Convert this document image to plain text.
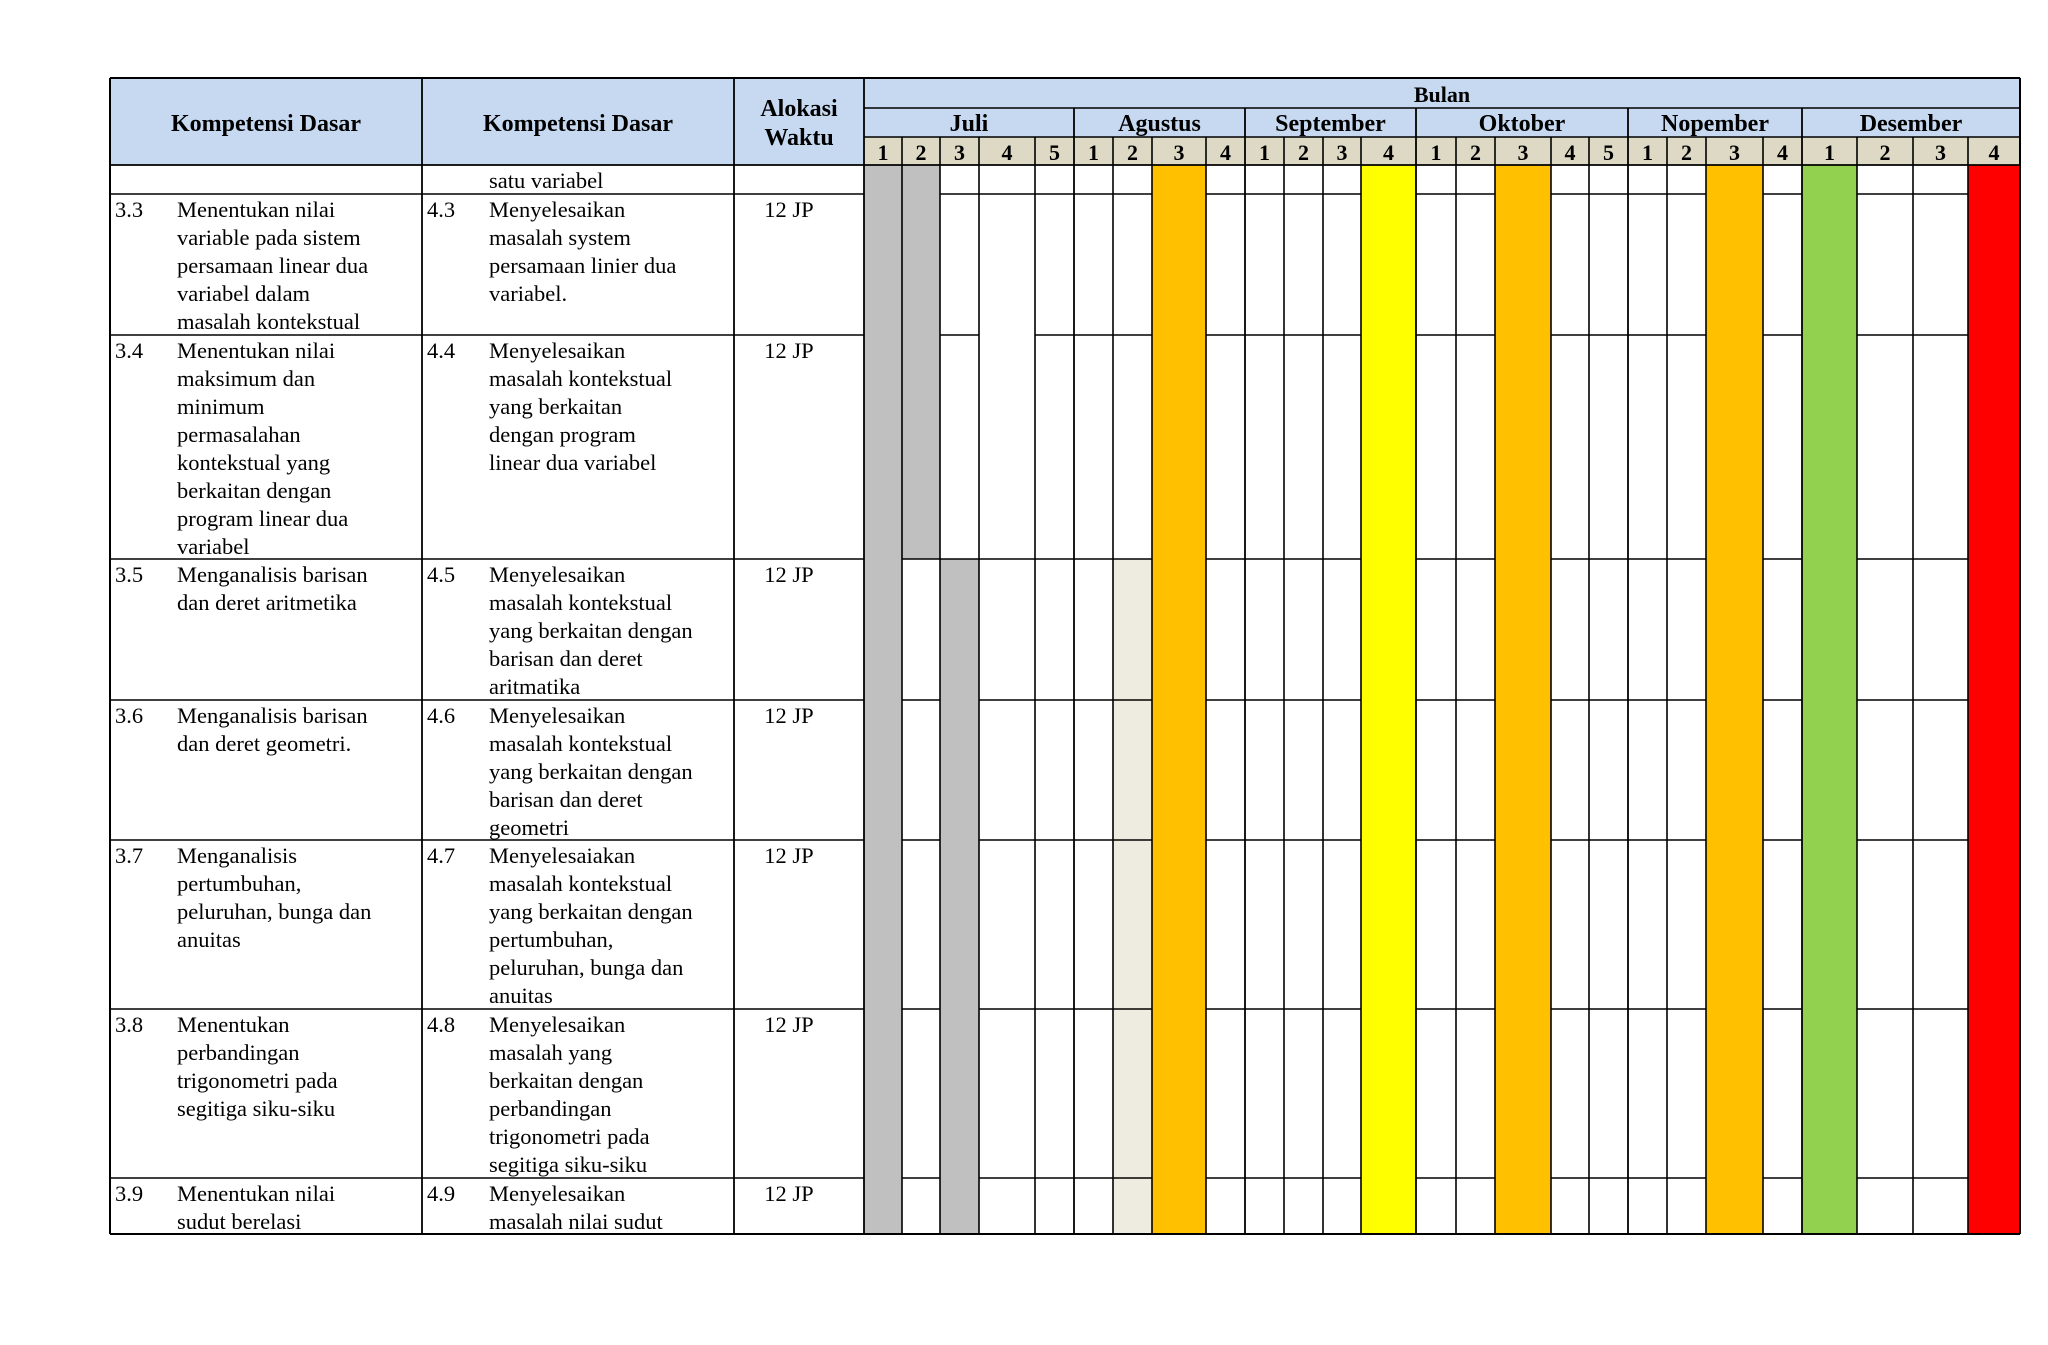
Kompetensi Dasar	Kompetensi Dasar
Alokasi
Waktu
Bulan
Juli
1 2 3 4 5
Agustus
1 2 3 4
September
1 2 3 4
Oktober
1 2 3 4 5
Nopember
1 2 3 4
Desember
1 2 3 4
satu variabel
3.3 Menentukan nilai
variable pada sistem
persamaan linear dua
variabel dalam
masalah kontekstual
4.3 Menyelesaikan
masalah system
persamaan linier dua
variabel.
12 JP
3.4 Menentukan nilai
maksimum dan
minimum
permasalahan
kontekstual yang
berkaitan dengan
program linear dua
variabel
4.4 Menyelesaikan
masalah kontekstual
yang berkaitan
dengan program
linear dua variabel
12 JP
3.5 Menganalisis barisan
dan deret aritmetika
4.5 Menyelesaikan
masalah kontekstual
yang berkaitan dengan
barisan dan deret
aritmatika
12 JP
3.6 Menganalisis barisan
dan deret geometri.
4.6 Menyelesaikan
masalah kontekstual
yang berkaitan dengan
barisan dan deret
geometri
12 JP
3.7 Menganalisis
pertumbuhan,
peluruhan, bunga dan
anuitas
4.7 Menyelesaiakan
masalah kontekstual
yang berkaitan dengan
pertumbuhan,
peluruhan, bunga dan
anuitas
12 JP
3.8 Menentukan
perbandingan
trigonometri pada
segitiga siku-siku
4.8 Menyelesaikan
masalah yang
berkaitan dengan
perbandingan
trigonometri pada
segitiga siku-siku
12 JP
3.9 Menentukan nilai
sudut berelasi
4.9 Menyelesaikan
masalah nilai sudut
12 JP
